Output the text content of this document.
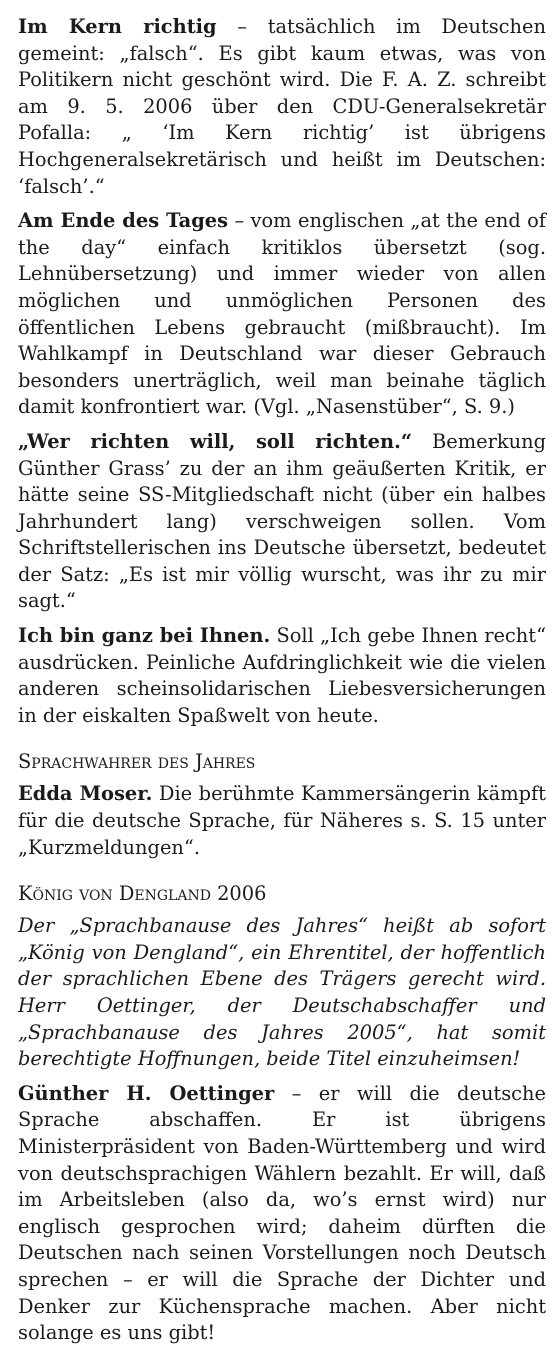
Im Kern richtig – tatsächlich im Deutschen gemeint: „falsch“. Es gibt kaum etwas, was von Politikern nicht geschönt wird. Die F. A. Z. schreibt am 9. 5. 2006 über den CDU-Generalsekretär Pofalla: „ ‘Im Kern richtig’ ist übrigens Hochgeneralsekretärisch und heißt im Deutschen: ‘falsch’.“

Am Ende des Tages – vom englischen „at the end of the day“ einfach kritiklos übersetzt (sog. Lehnübersetzung) und immer wieder von allen möglichen und unmöglichen Personen des öffentlichen Lebens gebraucht (mißbraucht). Im Wahlkampf in Deutschland war dieser Gebrauch besonders unerträglich, weil man beinahe täglich damit konfrontiert war. (Vgl. „Nasenstüber“, S. 9.)

„Wer richten will, soll richten.“ Bemerkung Günther Grass’ zu der an ihm geäußerten Kritik, er hätte seine SS-Mitgliedschaft nicht (über ein halbes Jahrhundert lang) verschweigen sollen. Vom Schriftstellerischen ins Deutsche übersetzt, bedeutet der Satz: „Es ist mir völlig wurscht, was ihr zu mir sagt.“

Ich bin ganz bei Ihnen. Soll „Ich gebe Ihnen recht“ ausdrücken. Peinliche Aufdringlichkeit wie die vielen anderen scheinsolidarischen Liebesversicherungen in der eiskalten Spaßwelt von heute.

Sprachwahrer des Jahres

Edda Moser. Die berühmte Kammersängerin kämpft für die deutsche Sprache, für Näheres s. S. 15 unter „Kurzmeldungen“.

König von Dengland 2006

Der „Sprachbanause des Jahres“ heißt ab sofort „König von Dengland“, ein Ehrentitel, der hoffentlich der sprachlichen Ebene des Trägers gerecht wird. Herr Oettinger, der Deutschabschaffer und „Sprachbanause des Jahres 2005“, hat somit berechtigte Hoffnungen, beide Titel einzuheimsen!

Günther H. Oettinger – er will die deutsche Sprache abschaffen. Er ist übrigens Ministerpräsident von Baden-Württemberg und wird von deutschsprachigen Wählern bezahlt. Er will, daß im Arbeitsleben (also da, wo’s ernst wird) nur englisch gesprochen wird; daheim dürften die Deutschen nach seinen Vorstellungen noch Deutsch sprechen – er will die Sprache der Dichter und Denker zur Küchensprache machen. Aber nicht solange es uns gibt!
